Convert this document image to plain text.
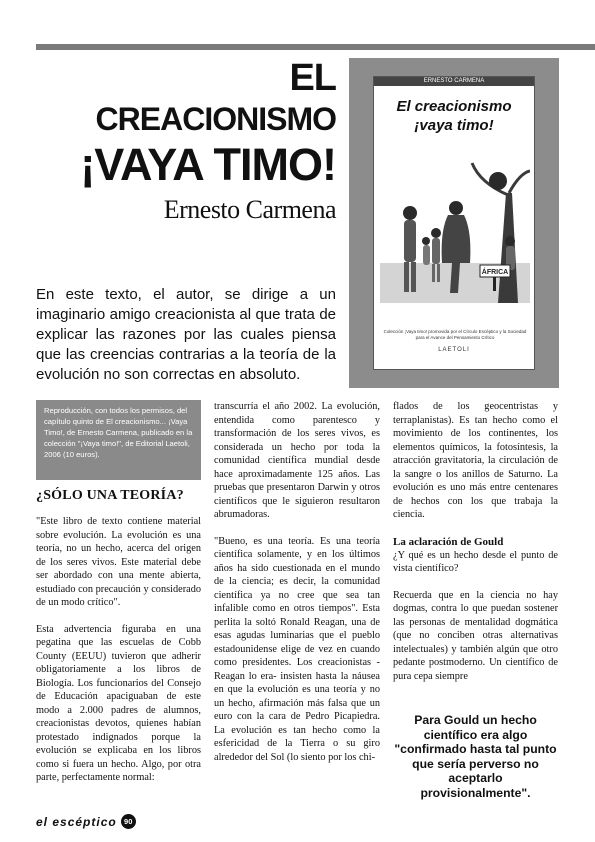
EL
CREACIONISMO
¡VAYA TIMO!
Ernesto Carmena
En este texto, el autor, se dirige a un imaginario amigo creacionista al que trata de explicar las razones por las cuales piensa que las creencias contrarias a la teoría de la evolución no son correctas en absoluto.
ERNESTO CARMENA
El creacionismo
¡vaya timo!
ÁFRICA
Colección ¡Vaya timo! promovida por el Círculo Escéptico y la Sociedad para el Avance del Pensamiento Crítico
LAETOLI
Reproducción, con todos los permisos, del capítulo quinto de El creacionismo... ¡Vaya Timo!, de Ernesto Carmena, publicado en la colección "¡Vaya timo!", de Editorial Laetoli, 2006 (10 euros).
¿SÓLO UNA TEORÍA?

"Este libro de texto contiene material sobre evolución. La evolución es una teoría, no un hecho, acerca del origen de los seres vivos. Este material debe ser abordado con una mente abierta, estudiado con precaución y considerado de un modo crítico".

Esta advertencia figuraba en una pegatina que las escuelas de Cobb County (EEUU) tuvieron que adherir obligatoriamente a los libros de Biología. Los funcionarios del Consejo de Educación apaciguaban de este modo a 2.000 padres de alumnos, creacionistas devotos, quienes habían protestado indignados porque la evolución se explicaba en los libros como si fuera un hecho. Algo, por otra parte, perfectamente normal:

transcurría el año 2002. La evolución, entendida como parentesco y transformación de los seres vivos, es considerada un hecho por toda la comunidad científica mundial desde hace aproximadamente 125 años. Las pruebas que presentaron Darwin y otros científicos que le siguieron resultaron abrumadoras.

"Bueno, es una teoría. Es una teoría científica solamente, y en los últimos años ha sido cuestionada en el mundo de la ciencia; es decir, la comunidad científica ya no cree que sea tan infalible como en otros tiempos". Esta perlita la soltó Ronald Reagan, una de esas agudas luminarias que el pueblo estadounidense elige de vez en cuando como presidentes. Los creacionistas -Reagan lo era- insisten hasta la náusea en que la evolución es una teoría y no un hecho, afirmación más falsa que un euro con la cara de Pedro Picapiedra. La evolución es tan hecho como la esfericidad de la Tierra o su giro alrededor del Sol (lo siento por los chi-

flados de los geocentristas y terraplanistas). Es tan hecho como el movimiento de los continentes, los elementos químicos, la fotosíntesis, la atracción gravitatoria, la circulación de la sangre o los anillos de Saturno. La evolución es uno más entre centenares de hechos con los que trabaja la ciencia.

La aclaración de Gould

¿Y qué es un hecho desde el punto de vista científico?

Recuerda que en la ciencia no hay dogmas, contra lo que puedan sostener las personas de mentalidad dogmática (que no conciben otras alternativas intelectuales) y también algún que otro pedante postmoderno. Un científico de pura cepa siempre

Para Gould un hecho científico era algo "confirmado hasta tal punto que sería perverso no aceptarlo provisionalmente".
el escéptico 90
